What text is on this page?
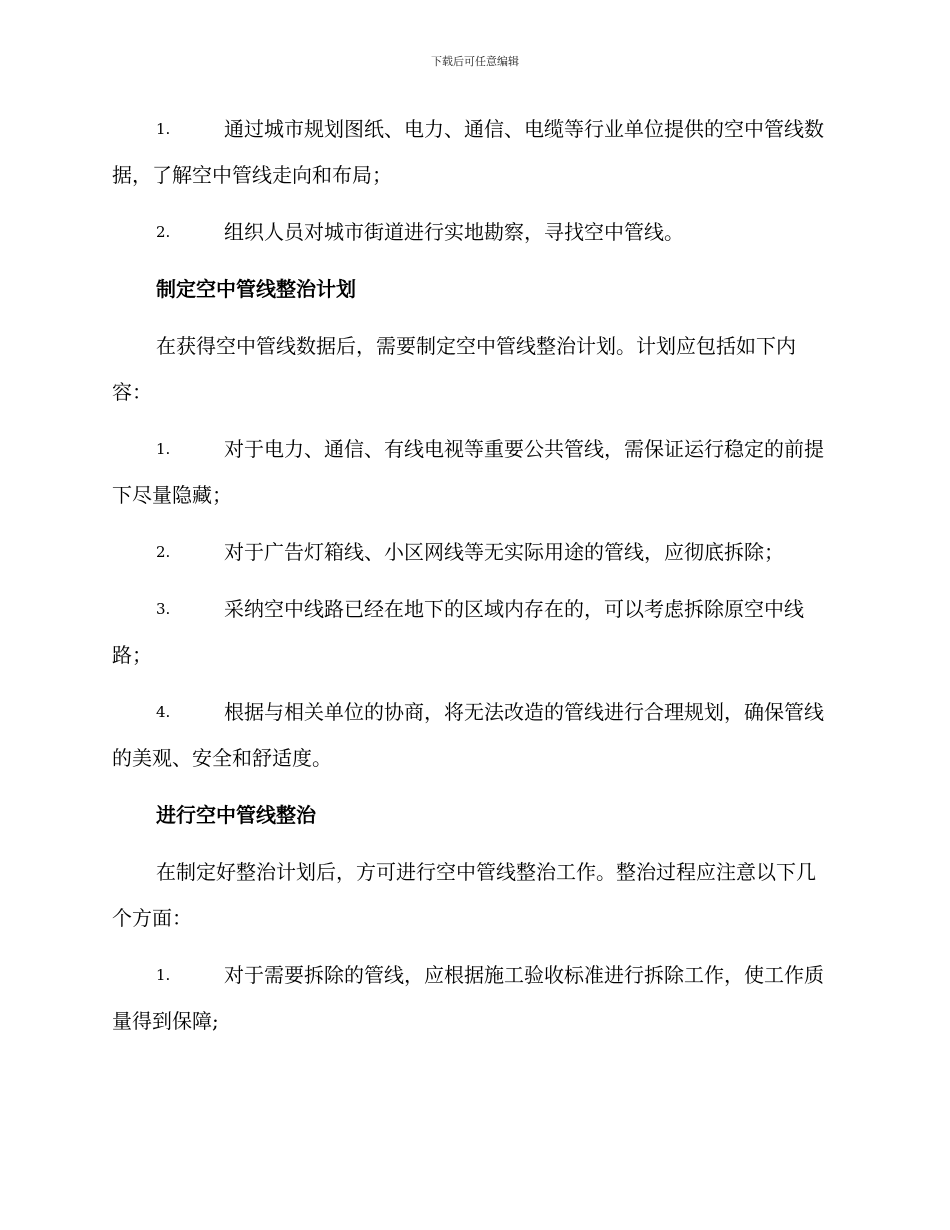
下载后可任意编辑
1.	通过城市规划图纸、电力、通信、电缆等行业单位提供的空中管线数据，了解空中管线走向和布局；
2.	组织人员对城市街道进行实地勘察，寻找空中管线。
制定空中管线整治计划
在获得空中管线数据后，需要制定空中管线整治计划。计划应包括如下内容：
1.	对于电力、通信、有线电视等重要公共管线，需保证运行稳定的前提下尽量隐藏；
2.	对于广告灯箱线、小区网线等无实际用途的管线，应彻底拆除；
3.	采纳空中线路已经在地下的区域内存在的，可以考虑拆除原空中线路；
4.	根据与相关单位的协商，将无法改造的管线进行合理规划，确保管线的美观、安全和舒适度。
进行空中管线整治
在制定好整治计划后，方可进行空中管线整治工作。整治过程应注意以下几个方面：
1.	对于需要拆除的管线，应根据施工验收标准进行拆除工作，使工作质量得到保障;
